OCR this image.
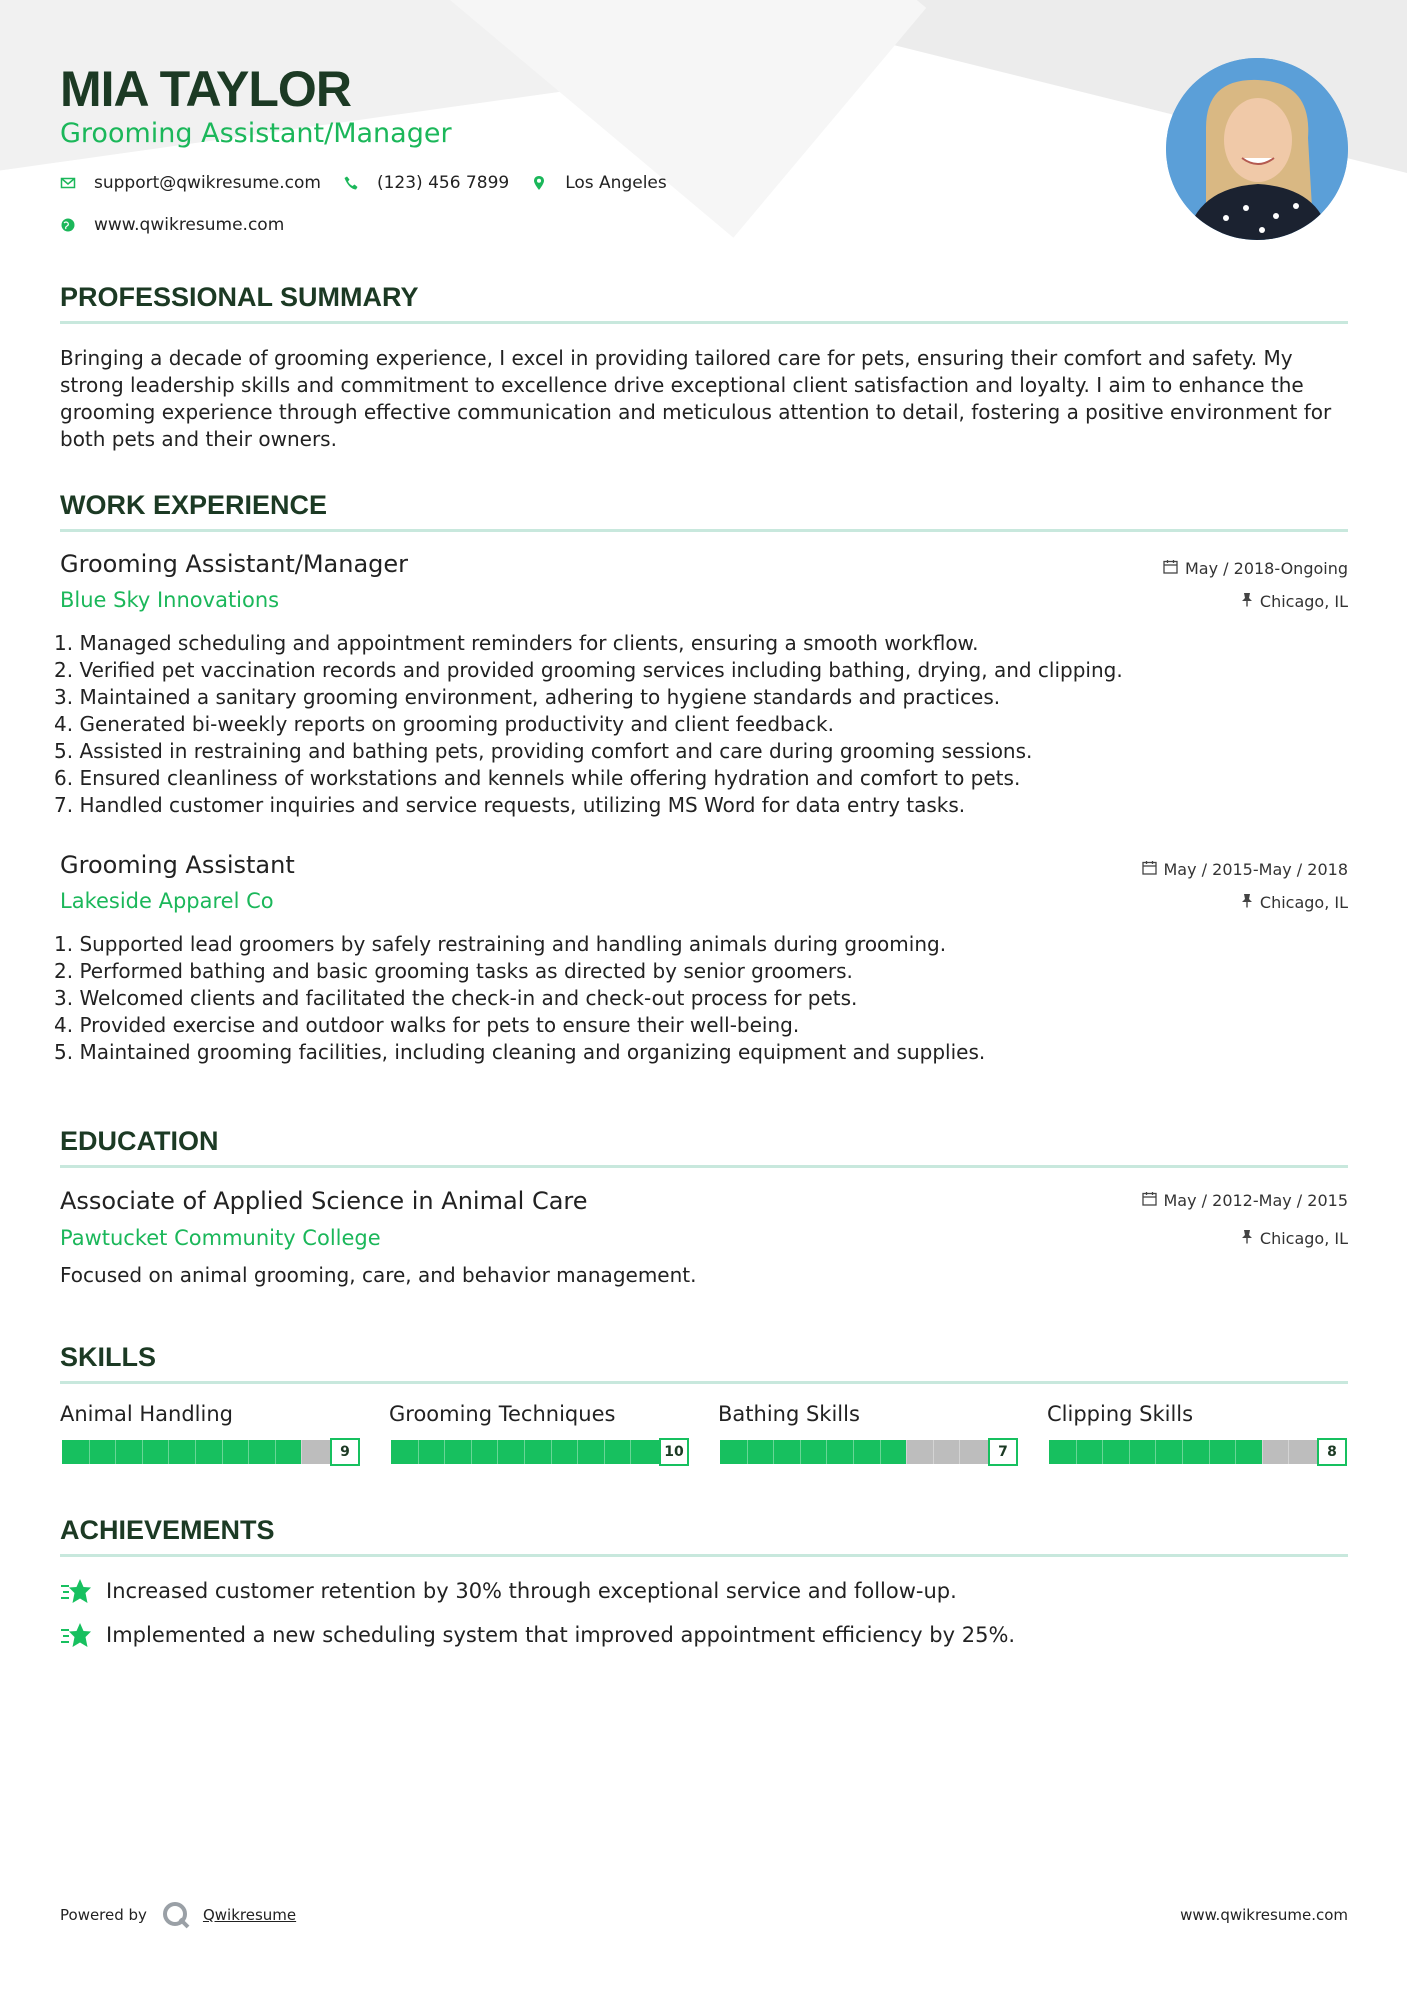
MIA TAYLOR
Grooming Assistant/Manager
support@qwikresume.com	(123) 456 7899	Los Angeles
www.qwikresume.com
PROFESSIONAL SUMMARY
Bringing a decade of grooming experience, I excel in providing tailored care for pets, ensuring their comfort and safety. My strong leadership skills and commitment to excellence drive exceptional client satisfaction and loyalty. I aim to enhance the grooming experience through effective communication and meticulous attention to detail, fostering a positive environment for both pets and their owners.
WORK EXPERIENCE
Grooming Assistant/Manager
Blue Sky Innovations
May / 2018-Ongoing
Chicago, IL
1. Managed scheduling and appointment reminders for clients, ensuring a smooth workflow.
2. Verified pet vaccination records and provided grooming services including bathing, drying, and clipping.
3. Maintained a sanitary grooming environment, adhering to hygiene standards and practices.
4. Generated bi-weekly reports on grooming productivity and client feedback.
5. Assisted in restraining and bathing pets, providing comfort and care during grooming sessions.
6. Ensured cleanliness of workstations and kennels while offering hydration and comfort to pets.
7. Handled customer inquiries and service requests, utilizing MS Word for data entry tasks.
Grooming Assistant
Lakeside Apparel Co
May / 2015-May / 2018
Chicago, IL
1. Supported lead groomers by safely restraining and handling animals during grooming.
2. Performed bathing and basic grooming tasks as directed by senior groomers.
3. Welcomed clients and facilitated the check-in and check-out process for pets.
4. Provided exercise and outdoor walks for pets to ensure their well-being.
5. Maintained grooming facilities, including cleaning and organizing equipment and supplies.
EDUCATION
Associate of Applied Science in Animal Care
Pawtucket Community College
May / 2012-May / 2015
Chicago, IL
Focused on animal grooming, care, and behavior management.
SKILLS
Animal Handling
9
Grooming Techniques
10
Bathing Skills
7
Clipping Skills
8
ACHIEVEMENTS
Increased customer retention by 30% through exceptional service and follow-up.
Implemented a new scheduling system that improved appointment efficiency by 25%.
Powered by	Qwikresume	www.qwikresume.com
